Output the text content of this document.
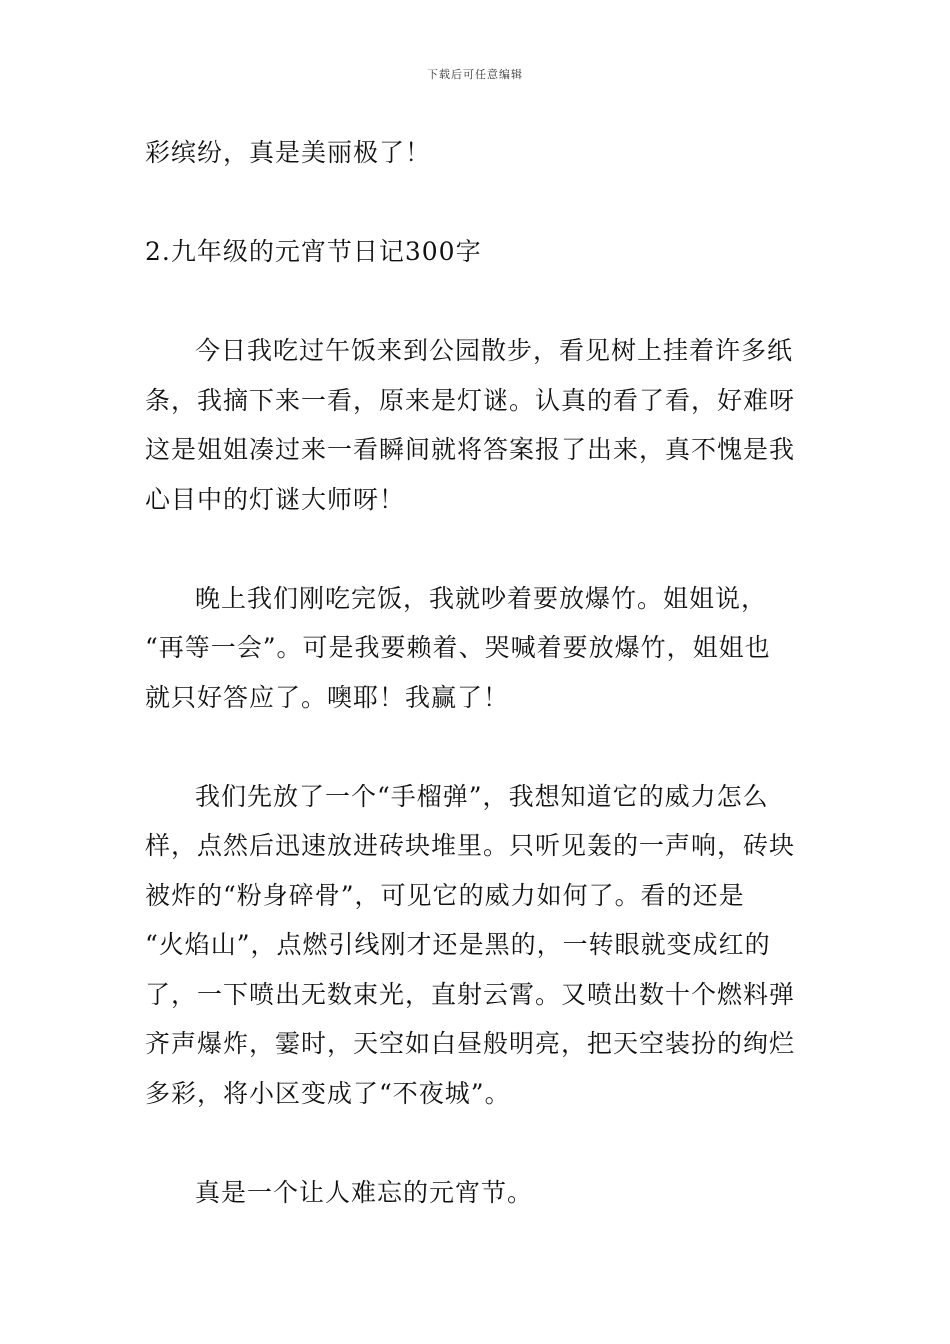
下载后可任意编辑
彩缤纷，真是美丽极了！
2.九年级的元宵节日记300字
今日我吃过午饭来到公园散步，看见树上挂着许多纸
条，我摘下来一看，原来是灯谜。认真的看了看，好难呀
这是姐姐凑过来一看瞬间就将答案报了出来，真不愧是我
心目中的灯谜大师呀！
晚上我们刚吃完饭，我就吵着要放爆竹。姐姐说，
“再等一会”。可是我要赖着、哭喊着要放爆竹，姐姐也
就只好答应了。噢耶！我赢了！
我们先放了一个“手榴弹”，我想知道它的威力怎么
样，点然后迅速放进砖块堆里。只听见轰的一声响，砖块
被炸的“粉身碎骨”，可见它的威力如何了。看的还是
“火焰山”，点燃引线刚才还是黑的，一转眼就变成红的
了，一下喷出无数束光，直射云霄。又喷出数十个燃料弹
齐声爆炸，霎时，天空如白昼般明亮，把天空装扮的绚烂
多彩，将小区变成了“不夜城”。
真是一个让人难忘的元宵节。
